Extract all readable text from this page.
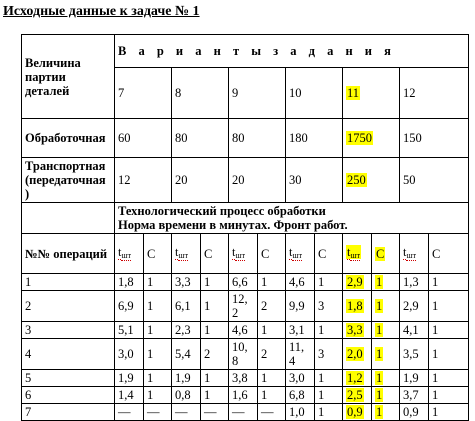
Исходные данные к задаче № 1
Величина партии деталей	В а р и а н т ы з а д а н и я											
	7		8		9		10		11		12	
Обработочная	60		80		80		180		1750		150	
Транспортная (передаточная )	12		20		20		30		250		50	

	Технологический процесс обработки
Норма времени в минутах. Фронт работ.											

№№ операций	$t_{шт}$	C	$t_{шт}$	C	$t_{шт}$	C	$t_{шт}$	C	$t_{шт}$	C	$t_{шт}$	C
1	1,8	1	3,3	1	6,6	1	4,6	1	2,9	1	1,3	1
2	6,9	1	6,1	1	12, 2	2	9,9	3	1,8	1	2,9	1
3	5,1	1	2,3	1	4,6	1	3,1	1	3,3	1	4,1	1
4	3,0	1	5,4	2	10, 8	2	11, 4	3	2,0	1	3,5	1
5	1,9	1	1,9	1	3,8	1	3,0	1	1,2	1	1,9	1
6	1,4	1	0,8	1	1,6	1	6,8	1	2,5	1	3,7	1
7	—	—	—	—	—	—	1,0	1	0,9	1	0,9	1
